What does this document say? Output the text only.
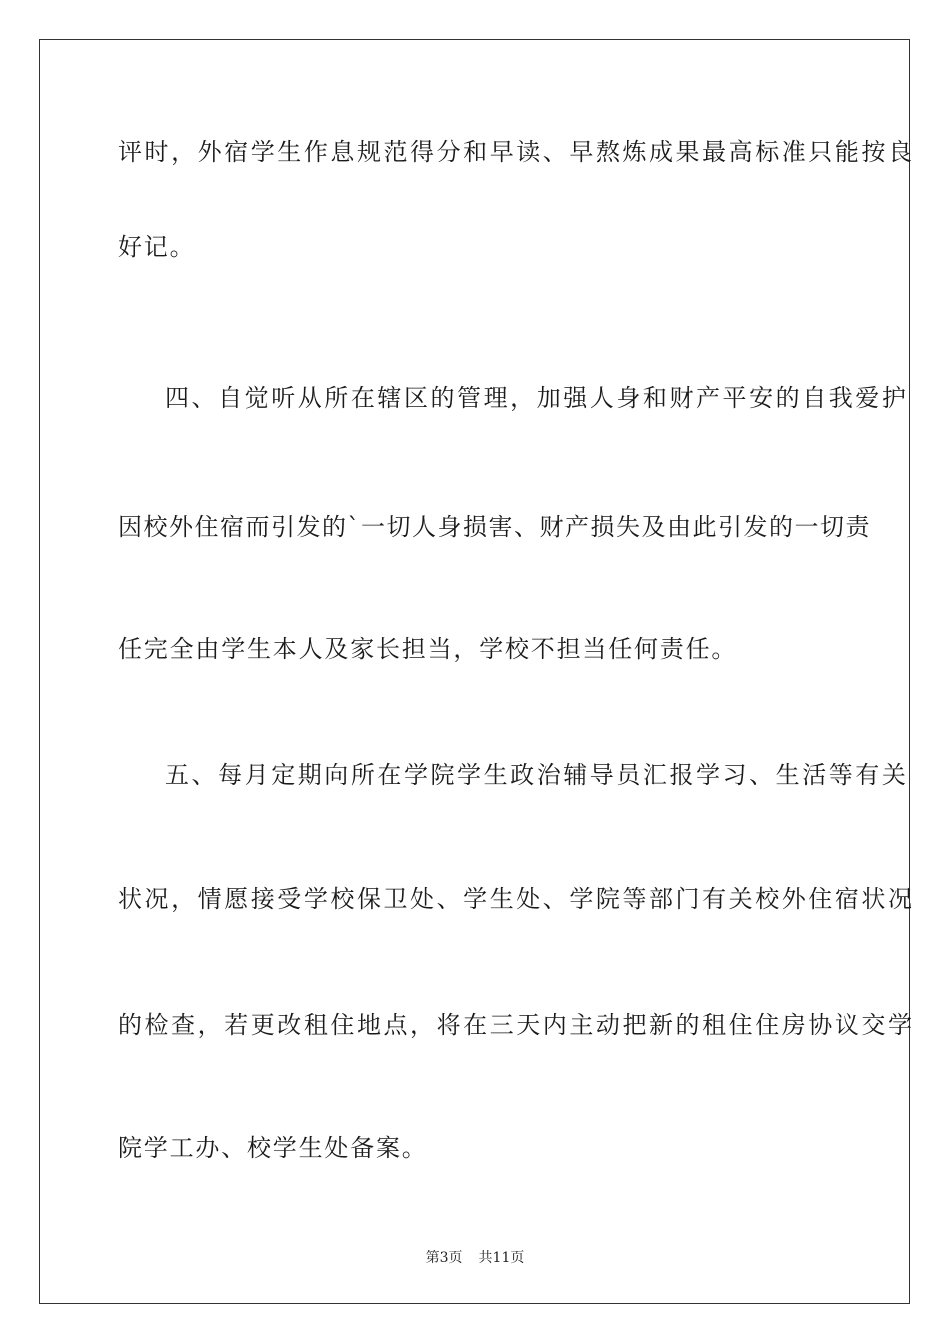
评时，外宿学生作息规范得分和早读、早熬炼成果最高标准只能按良
好记。
四、自觉听从所在辖区的管理，加强人身和财产平安的自我爱护
因校外住宿而引发的`一切人身损害、财产损失及由此引发的一切责
任完全由学生本人及家长担当，学校不担当任何责任。
五、每月定期向所在学院学生政治辅导员汇报学习、生活等有关
状况，情愿接受学校保卫处、学生处、学院等部门有关校外住宿状况
的检查，若更改租住地点，将在三天内主动把新的租住住房协议交学
院学工办、校学生处备案。
第3页 共11页
